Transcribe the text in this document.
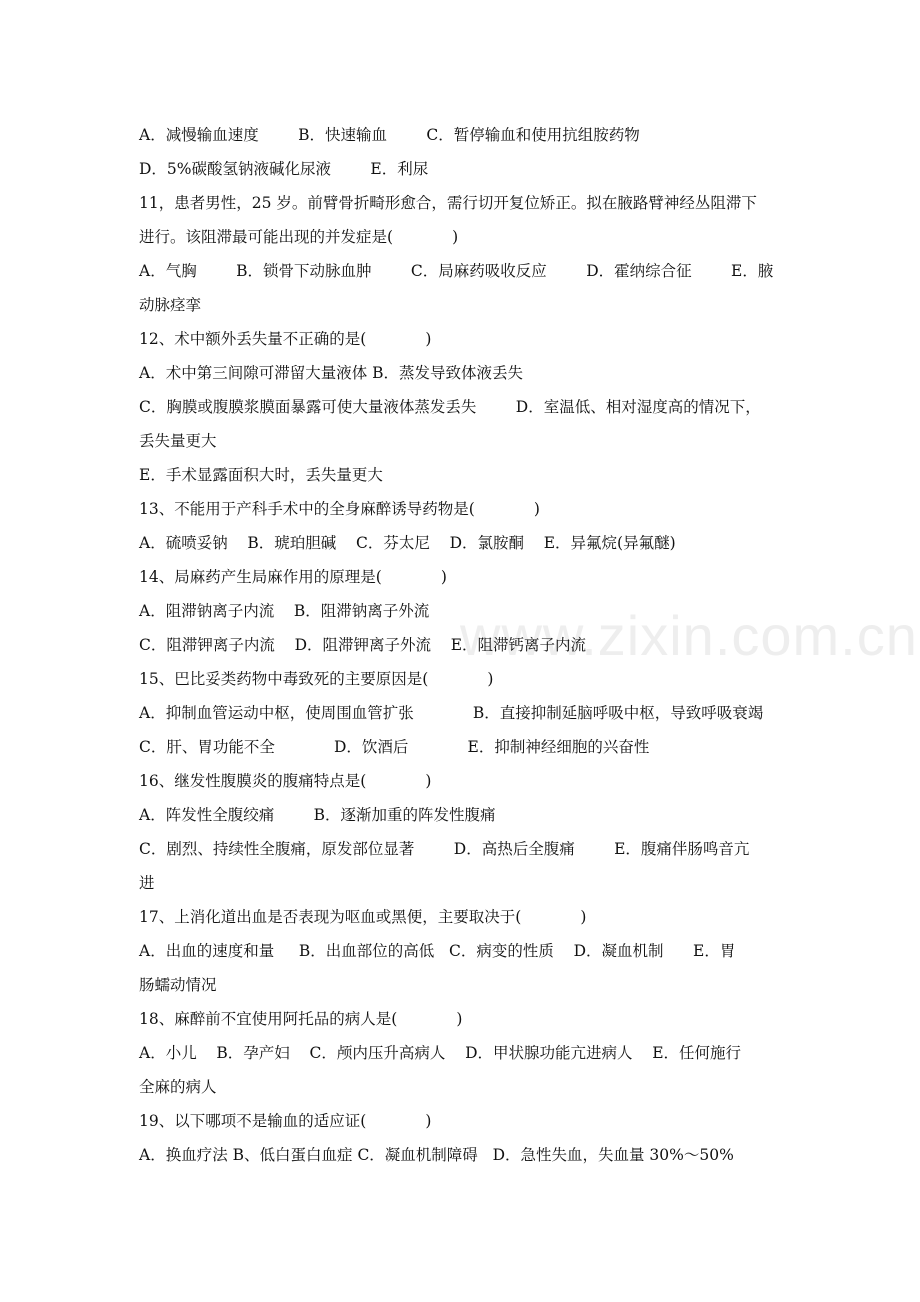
www.zixin.com.cn
A．减慢输血速度        B．快速输血        C．暂停输血和使用抗组胺药物
D．5%碳酸氢钠液碱化尿液        E．利尿
11，患者男性，25 岁。前臂骨折畸形愈合，需行切开复位矫正。拟在腋路臂神经丛阻滞下
进行。该阻滞最可能出现的并发症是(            )
A．气胸        B．锁骨下动脉血肿        C．局麻药吸收反应        D．霍纳综合征        E．腋
动脉痉挛
12、术中额外丢失量不正确的是(            )
A．术中第三间隙可滞留大量液体 B．蒸发导致体液丢失
C．胸膜或腹膜浆膜面暴露可使大量液体蒸发丢失        D．室温低、相对湿度高的情况下，
丢失量更大
E．手术显露面积大时，丢失量更大
13、不能用于产科手术中的全身麻醉诱导药物是(            )
A．硫喷妥钠    B．琥珀胆碱    C．芬太尼    D．氯胺酮    E．异氟烷(异氟醚)
14、局麻药产生局麻作用的原理是(            )
A．阻滞钠离子内流    B．阻滞钠离子外流
C．阻滞钾离子内流    D．阻滞钾离子外流    E．阻滞钙离子内流
15、巴比妥类药物中毒致死的主要原因是(            )
A．抑制血管运动中枢，使周围血管扩张            B．直接抑制延脑呼吸中枢，导致呼吸衰竭
C．肝、胃功能不全            D．饮酒后            E．抑制神经细胞的兴奋性
16、继发性腹膜炎的腹痛特点是(            )
A．阵发性全腹绞痛        B．逐渐加重的阵发性腹痛
C．剧烈、持续性全腹痛，原发部位显著        D．高热后全腹痛        E．腹痛伴肠鸣音亢
进
17、上消化道出血是否表现为呕血或黑便，主要取决于(            )
A．出血的速度和量     B．出血部位的高低   C．病变的性质    D．凝血机制      E．胃
肠蠕动情况
18、麻醉前不宜使用阿托品的病人是(            )
A．小儿    B．孕产妇    C．颅内压升高病人    D．甲状腺功能亢进病人    E．任何施行
全麻的病人
19、以下哪项不是输血的适应证(            )
A．换血疗法 B、低白蛋白血症 C．凝血机制障碍   D．急性失血，失血量 30%～50%
